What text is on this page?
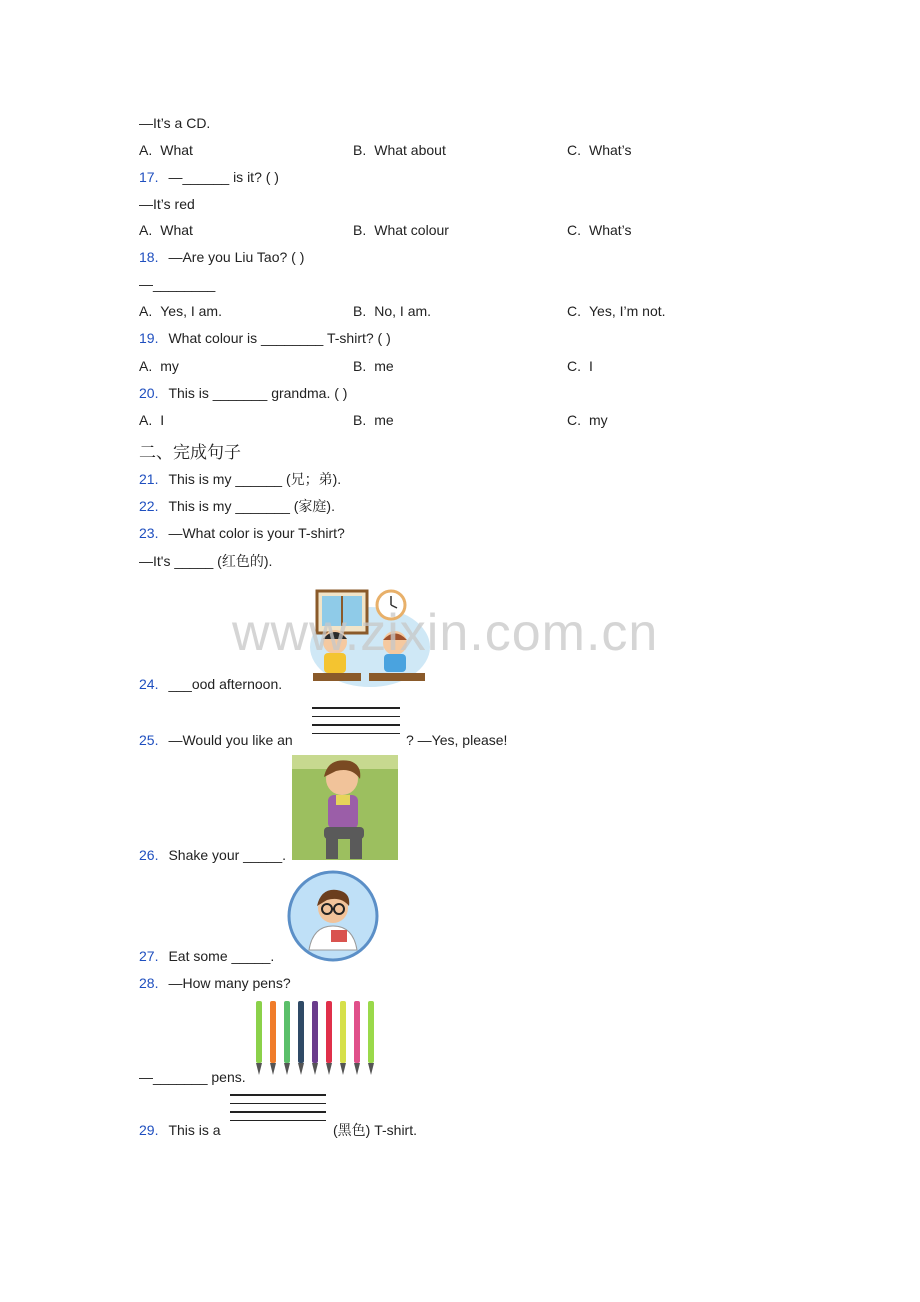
—It’s a CD.
A. What	B. What about	C. What’s
17. —______ is it? ( )
—It’s red
A. What	B. What colour	C. What’s
18. —Are you Liu Tao? ( )
—________
A. Yes, I am.	B. No, I am.	C. Yes, I’m not.
19. What colour is ________ T-shirt? ( )
A. my	B. me	C. I
20. This is _______ grandma. ( )
A. I	B. me	C. my
二、完成句子
21. This is my ______ (兄；弟).
22. This is my _______ (家庭).
23. —What color is your T-shirt?
—It's _____ (红色的).
www.zixin.com.cn
24. ___ood afternoon.
25. —Would you like an	? —Yes, please!
26. Shake your _____.
27. Eat some _____.
28. —How many pens?
—_______ pens.
29. This is a	(黑色) T-shirt.
